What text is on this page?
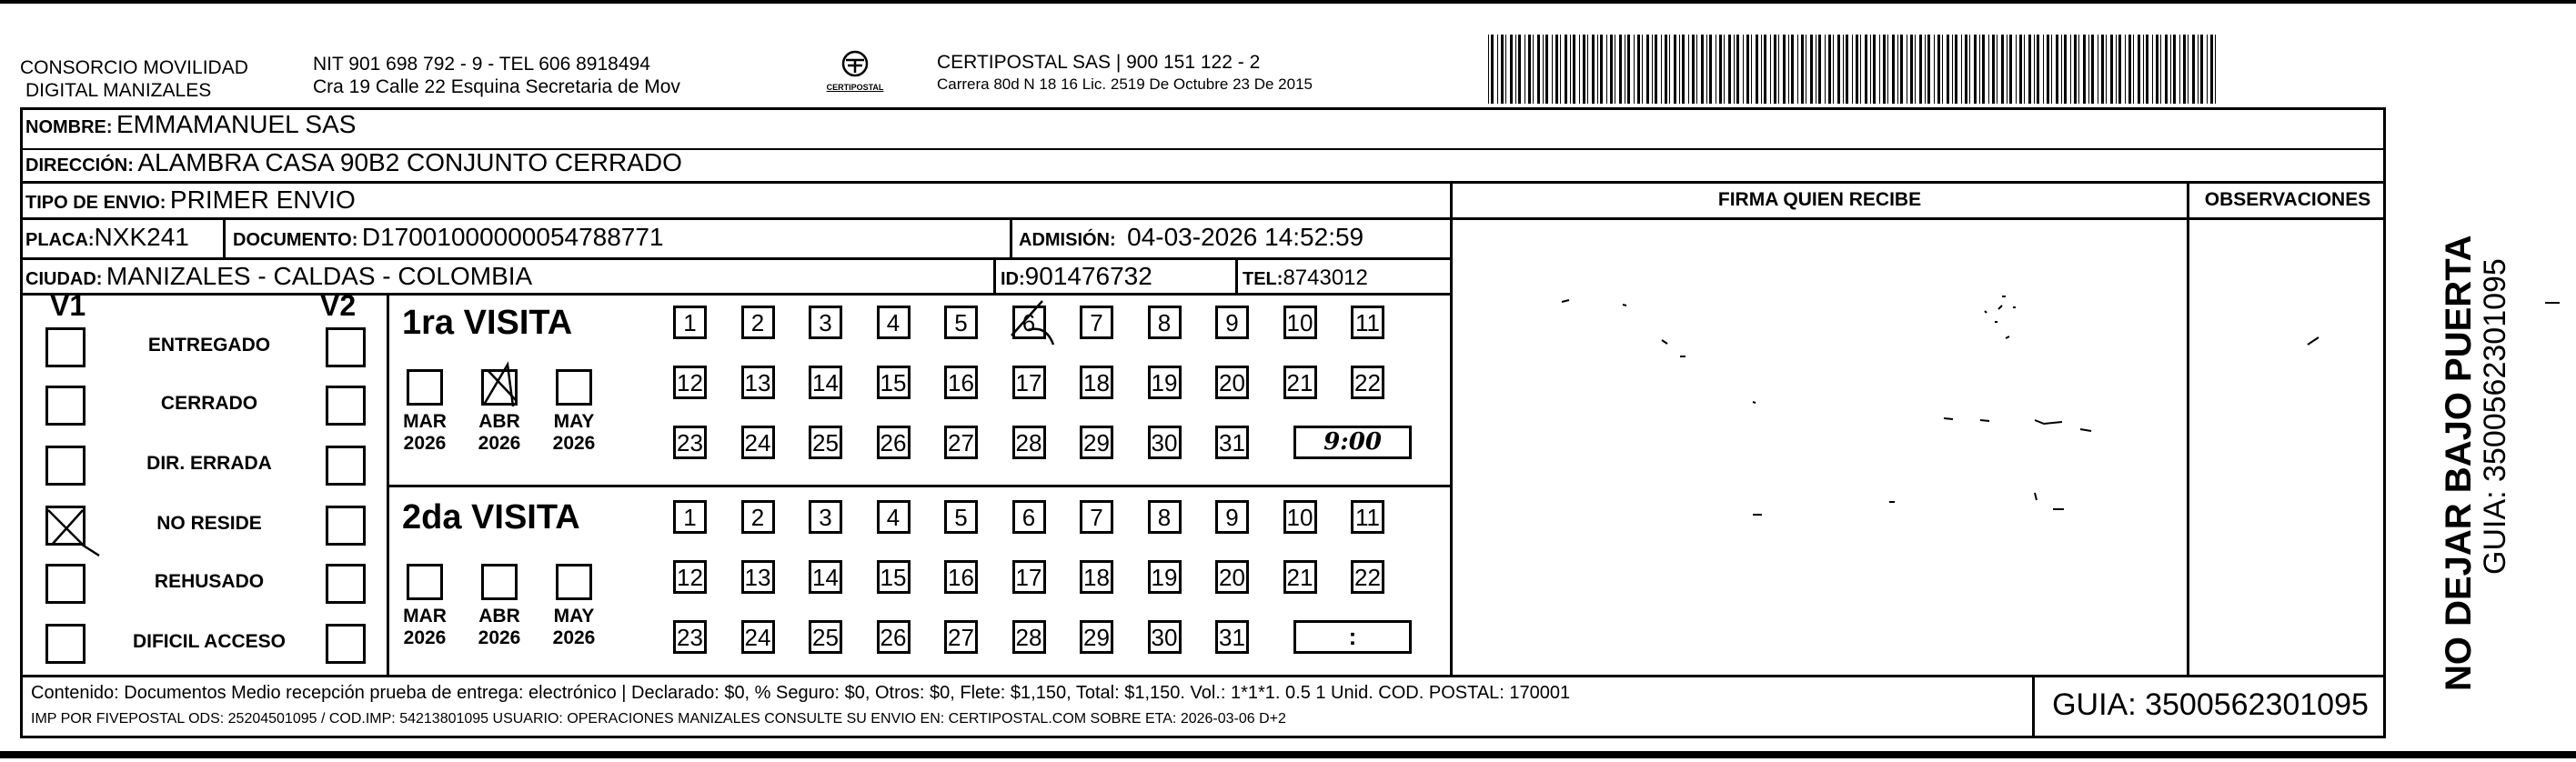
CONSORCIO MOVILIDAD
DIGITAL MANIZALES
NIT 901 698 792 - 9 - TEL 606 8918494
Cra 19 Calle 22 Esquina Secretaria de Mov	CERTIPOSTAL
CERTIPOSTAL SAS | 900 151 122 - 2
Carrera 80d N 18 16 Lic. 2519 De Octubre 23 De 2015
NOMBRE: EMMAMANUEL SAS
DIRECCIÓN: ALAMBRA CASA 90B2 CONJUNTO CERRADO
TIPO DE ENVIO: PRIMER ENVIO
PLACA:NXK241 DOCUMENTO: D17001000000054788771	ADMISIÓN: 04-03-2026 14:52:59
CIUDAD: MANIZALES - CALDAS - COLOMBIA	ID:901476732	TEL:8743012
FIRMA QUIEN RECIBE	OBSERVACIONES
V1	V2
ENTREGADO
CERRADO
DIR. ERRADA
NO RESIDE
REHUSADO
DIFICIL ACCESO
1ra VISITA
MAR
2026
ABR
2026
MAY
2026
1	2	3	4	5	6	7	8	9	10 11
12 13 14 15 16 17 18 19 20 21 22
23 24 25 26 27 28 29 30 31	9:00
2da VISITA
MAR
2026
ABR
2026
MAY
2026
1	2	3	4	5	6	7	8	9	10 11
12 13 14 15 16 17 18 19 20 21 22
23 24 25 26 27 28 29 30 31	:
Contenido: Documentos Medio recepción prueba de entrega: electrónico | Declarado: $0, % Seguro: $0, Otros: $0, Flete: $1,150, Total: $1,150. Vol.: 1*1*1. 0.5 1 Unid. COD. POSTAL: 170001
IMP POR FIVEPOSTAL ODS: 25204501095 / COD.IMP: 54213801095 USUARIO: OPERACIONES MANIZALES CONSULTE SU ENVIO EN: CERTIPOSTAL.COM SOBRE ETA: 2026-03-06 D+2	GUIA: 3500562301095
NO DEJAR BAJO PUERTA GUIA: 3500562301095
